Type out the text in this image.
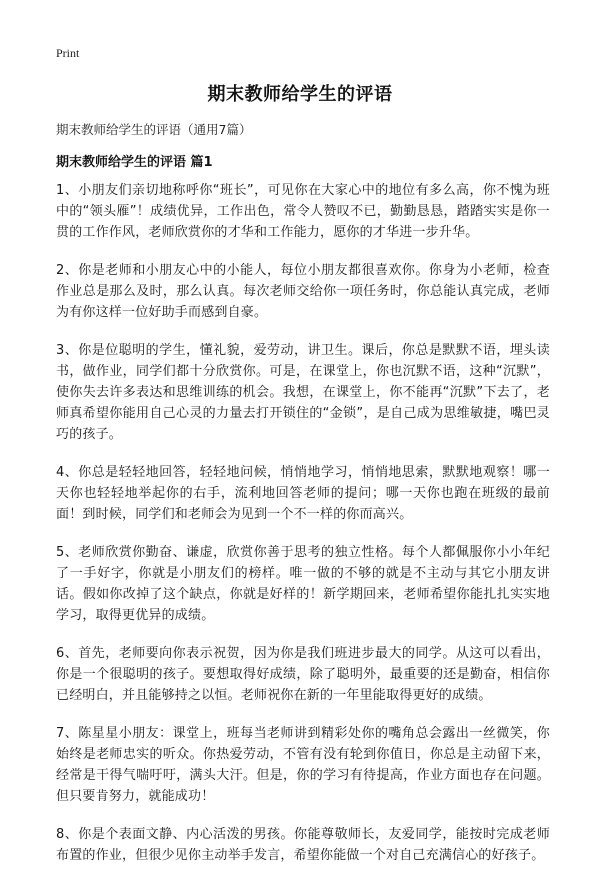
Print
期末教师给学生的评语
期末教师给学生的评语（通用7篇）
期末教师给学生的评语 篇1

1、小朋友们亲切地称呼你“班长”，可见你在大家心中的地位有多么高，你不愧为班中的“领头雁”！成绩优异，工作出色，常令人赞叹不已，勤勤恳恳，踏踏实实是你一贯的工作作风，老师欣赏你的才华和工作能力，愿你的才华进一步升华。

2、你是老师和小朋友心中的小能人，每位小朋友都很喜欢你。你身为小老师，检查作业总是那么及时，那么认真。每次老师交给你一项任务时，你总能认真完成，老师为有你这样一位好助手而感到自豪。

3、你是位聪明的学生，懂礼貌，爱劳动，讲卫生。课后，你总是默默不语，埋头读书，做作业，同学们都十分欣赏你。可是，在课堂上，你也沉默不语，这种“沉默”，使你失去许多表达和思维训练的机会。我想，在课堂上，你不能再“沉默”下去了，老师真希望你能用自己心灵的力量去打开锁住的“金锁”，是自己成为思维敏捷，嘴巴灵巧的孩子。

4、你总是轻轻地回答，轻轻地问候，悄悄地学习，悄悄地思索，默默地观察！哪一天你也轻轻地举起你的右手，流利地回答老师的提问；哪一天你也跑在班级的最前面！到时候，同学们和老师会为见到一个不一样的你而高兴。

5、老师欣赏你勤奋、谦虚，欣赏你善于思考的独立性格。每个人都佩服你小小年纪了一手好字，你就是小朋友们的榜样。唯一做的不够的就是不主动与其它小朋友讲话。假如你改掉了这个缺点，你就是好样的！新学期回来，老师希望你能扎扎实实地学习，取得更优异的成绩。

6、首先，老师要向你表示祝贺，因为你是我们班进步最大的同学。从这可以看出，你是一个很聪明的孩子。要想取得好成绩，除了聪明外，最重要的还是勤奋，相信你已经明白，并且能够持之以恒。老师祝你在新的一年里能取得更好的成绩。

7、陈星星小朋友：课堂上，班每当老师讲到精彩处你的嘴角总会露出一丝微笑，你始终是老师忠实的听众。你热爱劳动，不管有没有轮到你值日，你总是主动留下来，经常是干得气喘吁吁，满头大汗。但是，你的学习有待提高，作业方面也存在问题。但只要肯努力，就能成功！

8、你是个表面文静、内心活泼的男孩。你能尊敬师长，友爱同学，能按时完成老师布置的作业，但很少见你主动举手发言，希望你能做一个对自己充满信心的好孩子。
